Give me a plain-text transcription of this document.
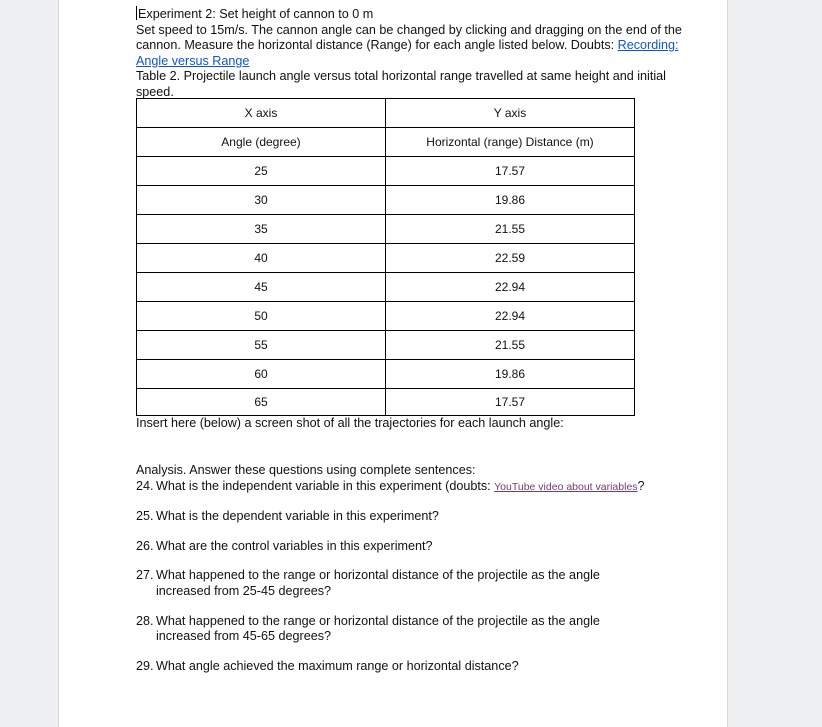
Experiment 2: Set height of cannon to 0 m

Set speed to 15m/s. The cannon angle can be changed by clicking and dragging on the end of the cannon. Measure the horizontal distance (Range) for each angle listed below. Doubts: Recording: Angle versus Range

Table 2. Projectile launch angle versus total horizontal range travelled at same height and initial speed.

X axis	Y axis
Angle (degree)	Horizontal (range) Distance (m)
25	17.57
30	19.86
35	21.55
40	22.59
45	22.94
50	22.94
55	21.55
60	19.86
65	17.57
Insert here (below) a screen shot of all the trajectories for each launch angle:

Analysis. Answer these questions using complete sentences:

24. What is the independent variable in this experiment (doubts: YouTube video about variables?
25. What is the dependent variable in this experiment?
26. What are the control variables in this experiment?
27. What happened to the range or horizontal distance of the projectile as the angle increased from 25-45 degrees?
28. What happened to the range or horizontal distance of the projectile as the angle increased from 45-65 degrees?
29. What angle achieved the maximum range or horizontal distance?
